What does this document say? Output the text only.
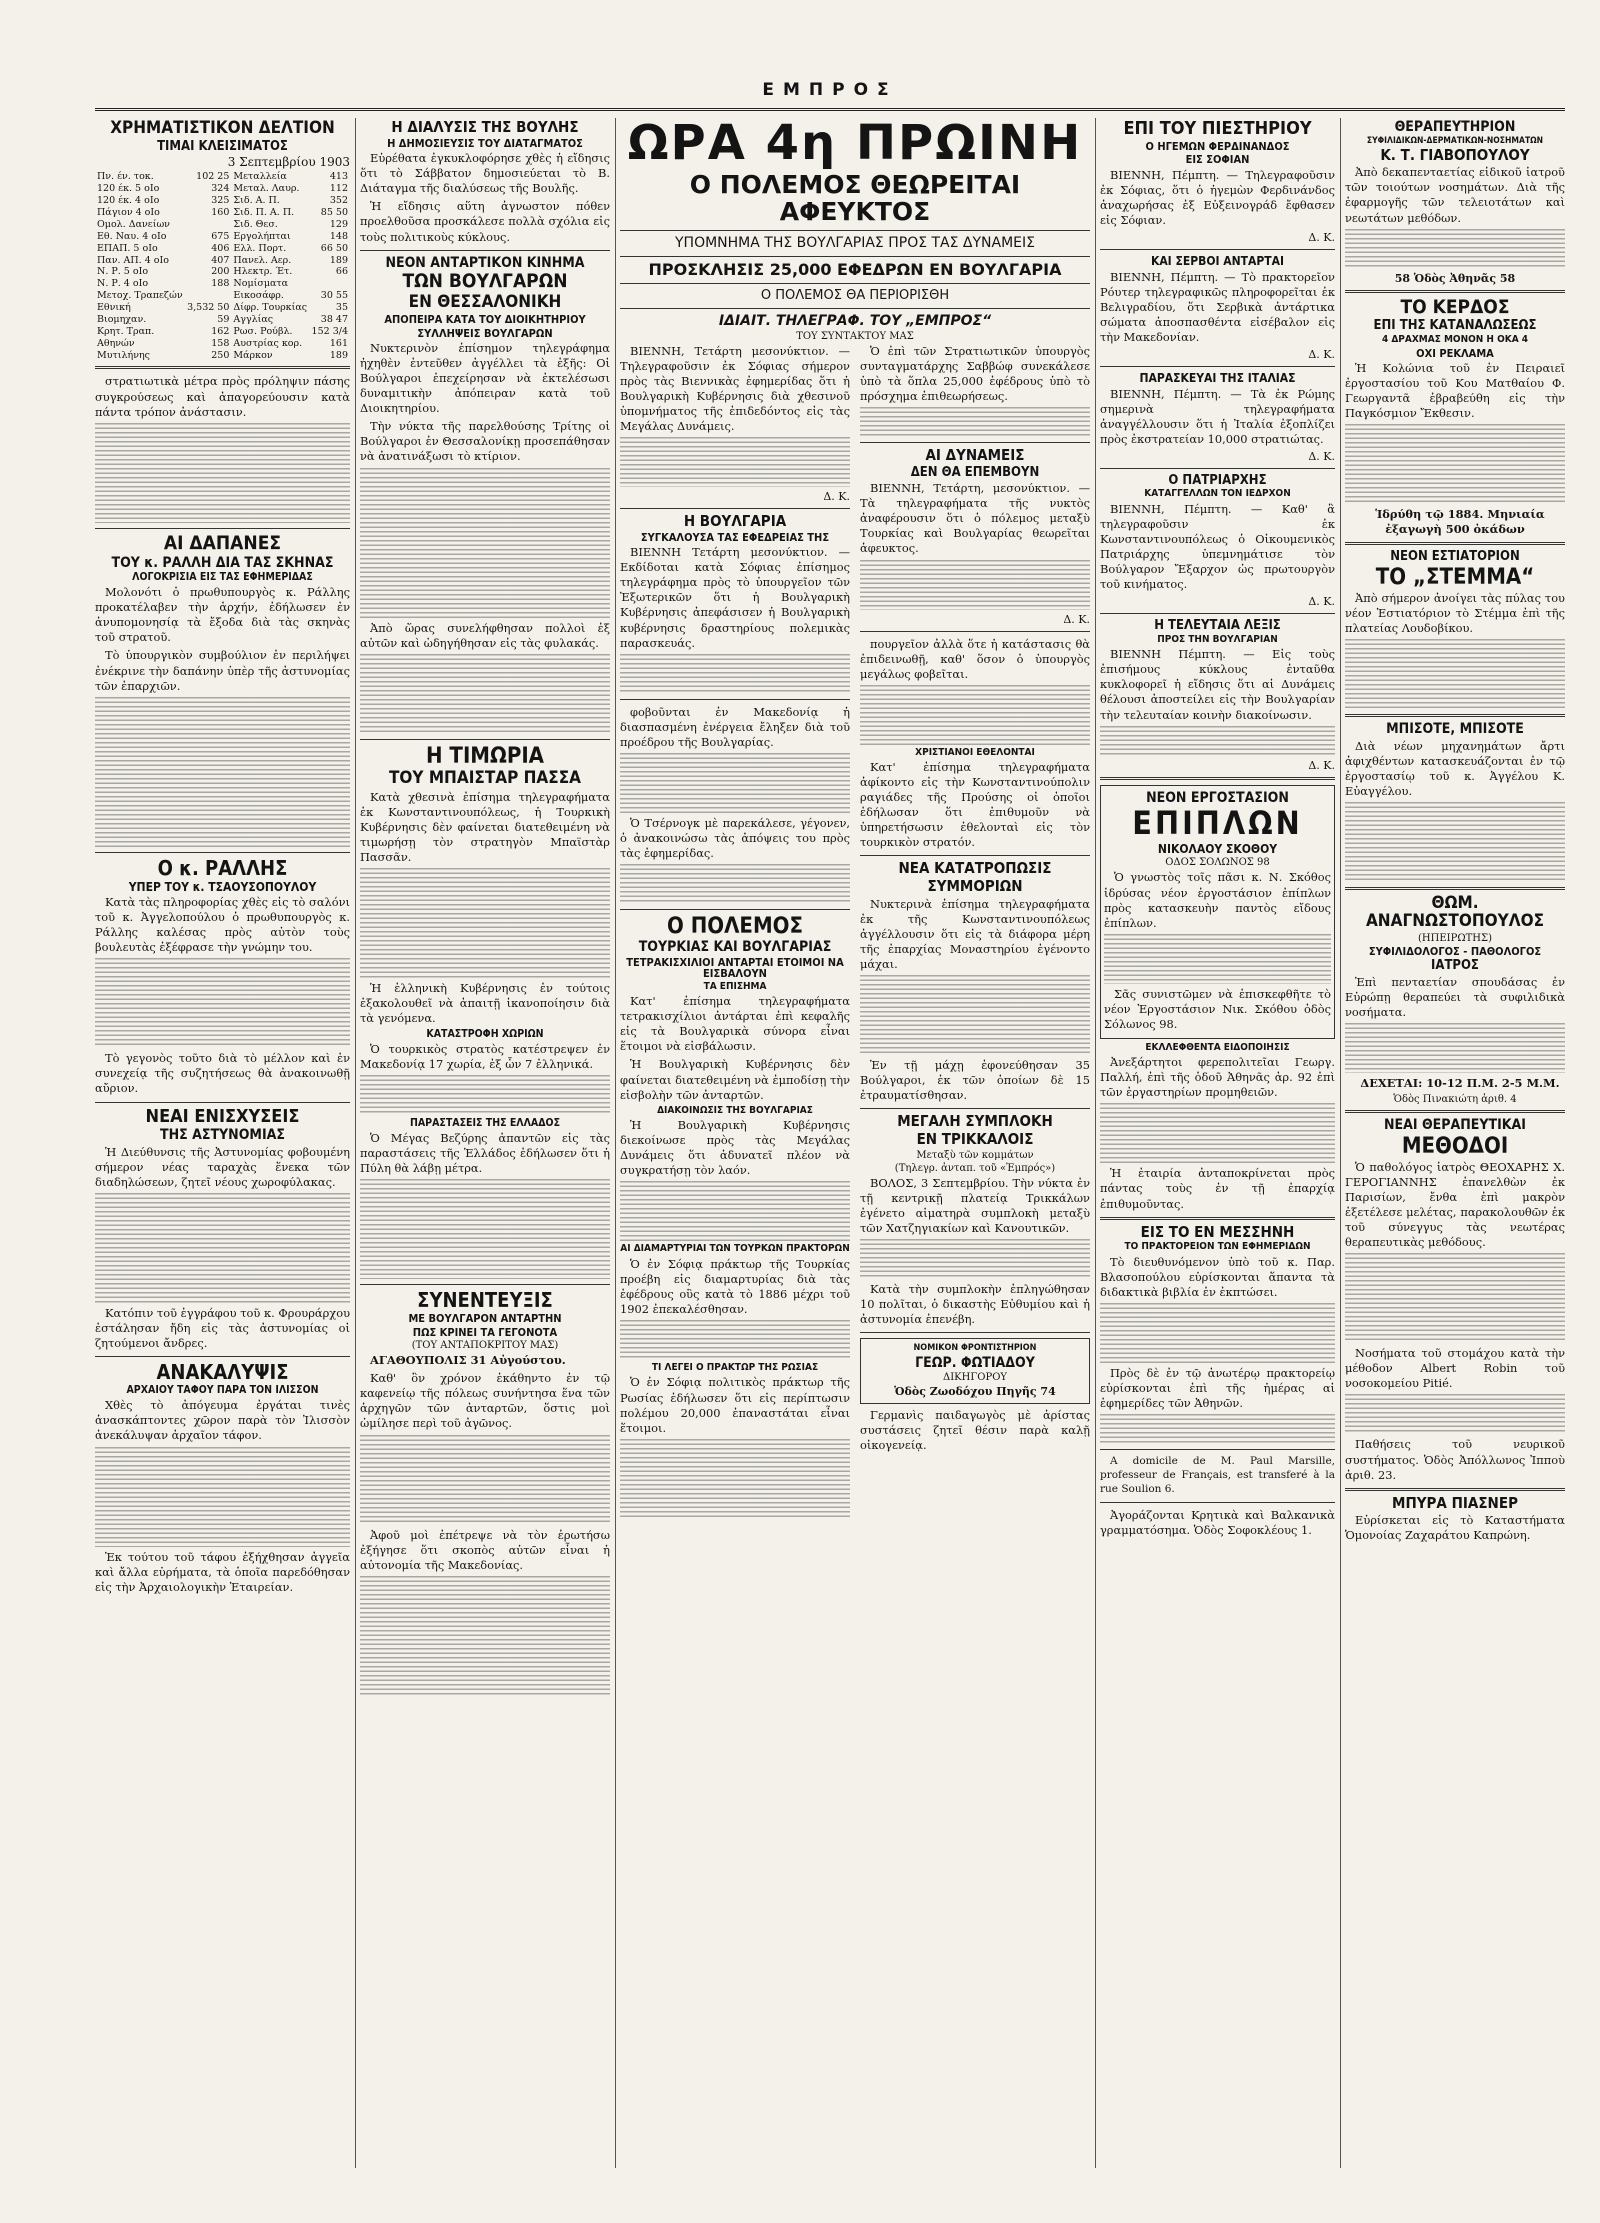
ΕΜΠΡΟΣ
ΧΡΗΜΑΤΙΣΤΙΚΟΝ ΔΕΛΤΙΟΝ
ΤΙΜΑΙ ΚΛΕΙΣΙΜΑΤΟΣ
3 Σεπτεμβρίου 1903
Πν. έν. τοκ.	102 25	Μεταλλεία	413
120 έκ. 5 οΙο	324	Μεταλ. Λαυρ.	112
120 έκ. 4 οΙο	325	Σιδ. Α. Π.	352
Πάγιον 4 οΙο	160	Σιδ. Π. Α. Π.	85 50
Ομολ. Δανείων		Σιδ. Θεσ.	129
Εθ. Ναυ. 4 οΙο	675	Εργολήπται	148
ΕΠΑΠ. 5 οΙο	406	Ελλ. Πορτ.	66 50
Παν. ΑΠ. 4 οΙο	407	Πανελ. Αερ.	189
Ν. Ρ. 5 οΙο	200	Ηλεκτρ. Έτ.	66
Ν. Ρ. 4 οΙο	188	Νομίσματα	
Μετοχ. Τραπεζών		Εικοσάφρ.	30 55
Εθνική	3,532 50	Δίφρ. Τουρκίας	35
Βιομηχαν.	59	Αγγλίας	38 47
Κρητ. Τραπ.	162	Ρωσ. Ρούβλ.	152 3/4
Αθηνών	158	Αυστρίας κορ.	161
Μυτιλήνης	250	Μάρκον	189

στρατιωτικὰ μέτρα πρὸς πρόληψιν πάσης συγκρούσεως καὶ ἀπαγορεύουσιν κατὰ πάντα τρόπον ἀνάστασιν.

ΑΙ ΔΑΠΑΝΕΣ
ΤΟΥ κ. ΡΑΛΛΗ ΔΙΑ ΤΑΣ ΣΚΗΝΑΣ
ΛΟΓΟΚΡΙΣΙΑ ΕΙΣ ΤΑΣ ΕΦΗΜΕΡΙΔΑΣ

Μολονότι ὁ πρωθυπουργὸς κ. Ράλλης προκατέλαβεν τὴν ἀρχήν, ἐδήλωσεν ἐν ἀνυπομονησίᾳ τὰ ἔξοδα διὰ τὰς σκηνὰς τοῦ στρατοῦ.

Τὸ ὑπουργικὸν συμβούλιον ἐν περιλήψει ἐνέκρινε τὴν δαπάνην ὑπὲρ τῆς ἀστυνομίας τῶν ἐπαρχιῶν.

Ο κ. ΡΑΛΛΗΣ
ΥΠΕΡ ΤΟΥ κ. ΤΣΑΟΥΣΟΠΟΥΛΟΥ

Κατὰ τὰς πληροφορίας χθὲς εἰς τὸ σαλόνι τοῦ κ. Ἀγγελοπούλου ὁ πρωθυπουργὸς κ. Ράλλης καλέσας πρὸς αὐτὸν τοὺς βουλευτὰς ἐξέφρασε τὴν γνώμην του.

Τὸ γεγονὸς τοῦτο διὰ τὸ μέλλον καὶ ἐν συνεχείᾳ τῆς συζητήσεως θὰ ἀνακοινωθῇ αὔριον.

ΝΕΑΙ ΕΝΙΣΧΥΣΕΙΣ
ΤΗΣ ΑΣΤΥΝΟΜΙΑΣ

Ἡ Διεύθυνσις τῆς Ἀστυνομίας φοβουμένη σήμερον νέας ταραχὰς ἕνεκα τῶν διαδηλώσεων, ζητεῖ νέους χωροφύλακας.

Κατόπιν τοῦ ἐγγράφου τοῦ κ. Φρουράρχου ἐστάλησαν ἤδη εἰς τὰς ἀστυνομίας οἱ ζητούμενοι ἄνδρες.

ΑΝΑΚΑΛΥΨΙΣ
ΑΡΧΑΙΟΥ ΤΑΦΟΥ ΠΑΡΑ ΤΟΝ ΙΛΙΣΣΟΝ

Χθὲς τὸ ἀπόγευμα ἐργάται τινὲς ἀνασκάπτοντες χῶρον παρὰ τὸν Ἰλισσὸν ἀνεκάλυψαν ἀρχαῖον τάφον.

Ἐκ τούτου τοῦ τάφου ἐξήχθησαν ἀγγεῖα καὶ ἄλλα εὑρήματα, τὰ ὁποῖα παρεδόθησαν εἰς τὴν Ἀρχαιολογικὴν Ἑταιρείαν.

Η ΔΙΑΛΥΣΙΣ ΤΗΣ ΒΟΥΛΗΣ
Η ΔΗΜΟΣΙΕΥΣΙΣ ΤΟΥ ΔΙΑΤΑΓΜΑΤΟΣ

Εὑρέθατα ἐγκυκλοφόρησε χθὲς ἡ εἴδησις ὅτι τὸ Σάββατον δημοσιεύεται τὸ Β. Διάταγμα τῆς διαλύσεως τῆς Βουλῆς.

Ἡ εἴδησις αὕτη ἀγνωστον πόθεν προελθοῦσα προσκάλεσε πολλὰ σχόλια εἰς τοὺς πολιτικοὺς κύκλους.

ΝΕΟΝ ΑΝΤΑΡΤΙΚΟΝ ΚΙΝΗΜΑ
ΤΩΝ ΒΟΥΛΓΑΡΩΝ
ΕΝ ΘΕΣΣΑΛΟΝΙΚΗ
ΑΠΟΠΕΙΡΑ ΚΑΤΑ ΤΟΥ ΔΙΟΙΚΗΤΗΡΙΟΥ
ΣΥΛΛΗΨΕΙΣ ΒΟΥΛΓΑΡΩΝ

Νυκτερινὸν ἐπίσημον τηλεγράφημα ἠχηθὲν ἐντεῦθεν ἀγγέλλει τὰ ἑξῆς: Οἱ Βούλγαροι ἐπεχείρησαν νὰ ἐκτελέσωσι δυναμιτικὴν ἀπόπειραν κατὰ τοῦ Διοικητηρίου.

Τὴν νύκτα τῆς παρελθούσης Τρίτης οἱ Βούλγαροι ἐν Θεσσαλονίκῃ προσεπάθησαν νὰ ἀνατινάξωσι τὸ κτίριον.

Ἀπὸ ὥρας συνελήφθησαν πολλοὶ ἐξ αὐτῶν καὶ ὡδηγήθησαν εἰς τὰς φυλακάς.

Η ΤΙΜΩΡΙΑ
ΤΟΥ ΜΠΑΙΣΤΑΡ ΠΑΣΣΑ

Κατὰ χθεσινὰ ἐπίσημα τηλεγραφήματα ἐκ Κωνσταντινουπόλεως, ἡ Τουρκικὴ Κυβέρνησις δὲν φαίνεται διατεθειμένη νὰ τιμωρήσῃ τὸν στρατηγὸν Μπαϊστὰρ Πασσᾶν.

Ἡ ἑλληνικὴ Κυβέρνησις ἐν τούτοις ἐξακολουθεῖ νὰ ἀπαιτῇ ἱκανοποίησιν διὰ τὰ γενόμενα.

ΚΑΤΑΣΤΡΟΦΗ ΧΩΡΙΩΝ

Ὁ τουρκικὸς στρατὸς κατέστρεψεν ἐν Μακεδονίᾳ 17 χωρία, ἐξ ὧν 7 ἐλληνικά.

ΠΑΡΑΣΤΑΣΕΙΣ ΤΗΣ ΕΛΛΑΔΟΣ

Ὁ Μέγας Βεζύρης ἀπαντῶν εἰς τὰς παραστάσεις τῆς Ἑλλάδος ἐδήλωσεν ὅτι ἡ Πύλη θὰ λάβῃ μέτρα.

ΣΥΝΕΝΤΕΥΞΙΣ
ΜΕ ΒΟΥΛΓΑΡΟΝ ΑΝΤΑΡΤΗΝ
ΠΩΣ ΚΡΙΝΕΙ ΤΑ ΓΕΓΟΝΟΤΑ
(ΤΟΥ ΑΝΤΑΠΟΚΡΙΤΟΥ ΜΑΣ)

ΑΓΑΘΟΥΠΟΛΙΣ 31 Αὐγούστου.

Καθ' ὃν χρόνον ἐκάθηντο ἐν τῷ καφενείῳ τῆς πόλεως συνήντησα ἕνα τῶν ἀρχηγῶν τῶν ἀνταρτῶν, ὅστις μοὶ ὡμίλησε περὶ τοῦ ἀγῶνος.

Ἀφοῦ μοὶ ἐπέτρεψε νὰ τὸν ἐρωτήσω ἐξήγησε ὅτι σκοπὸς αὐτῶν εἶναι ἡ αὐτονομία τῆς Μακεδονίας.

ΩΡΑ 4η ΠΡΩΙΝΗ
Ο ΠΟΛΕΜΟΣ ΘΕΩΡΕΙΤΑΙ ΑΦΕΥΚΤΟΣ
ΥΠΟΜΝΗΜΑ ΤΗΣ ΒΟΥΛΓΑΡΙΑΣ ΠΡΟΣ ΤΑΣ ΔΥΝΑΜΕΙΣ
ΠΡΟΣΚΛΗΣΙΣ 25,000 ΕΦΕΔΡΩΝ ΕΝ ΒΟΥΛΓΑΡΙΑ
Ο ΠΟΛΕΜΟΣ ΘΑ ΠΕΡΙΟΡΙΣΘΗ
ΙΔΙΑΙΤ. ΤΗΛΕΓΡΑΦ. ΤΟΥ „ΕΜΠΡΟΣ“
ΤΟΥ ΣΥΝΤΑΚΤΟΥ ΜΑΣ

ΒΙΕΝΝΗ, Τετάρτη μεσονύκτιον. — Τηλεγραφοῦσιν ἐκ Σόφιας σήμερον πρὸς τὰς Βιεννικὰς ἐφημερίδας ὅτι ἡ Βουλγαρικὴ Κυβέρνησις διὰ χθεσινοῦ ὑπομνήματος τῆς ἐπιδεδόντος εἰς τὰς Μεγάλας Δυνάμεις.

Δ. Κ.
Η ΒΟΥΛΓΑΡΙΑ
ΣΥΓΚΑΛΟΥΣΑ ΤΑΣ ΕΦΕΔΡΕΙΑΣ ΤΗΣ

ΒΙΕΝΝΗ Τετάρτη μεσονύκτιον. — Εκδίδοται κατὰ Σόφιας ἐπίσημος τηλεγράφημα πρὸς τὸ ὑπουργεῖον τῶν Ἐξωτερικῶν ὅτι ἡ Βουλγαρικὴ Κυβέρνησις ἀπεφάσισεν ἡ Βουλγαρικὴ κυβέρνησις δραστηρίους πολεμικὰς παρασκευάς.

φοβοῦνται ἐν Μακεδονίᾳ ἡ διασπασμένη ἐνέργεια ἔληξεν διὰ τοῦ προέδρου τῆς Βουλγαρίας.

Ὁ Τσέρνογκ μὲ παρεκάλεσε, γέγονεν, ὁ ἀνακοινώσω τὰς ἀπόψεις του πρὸς τὰς ἐφημερίδας.

Ο ΠΟΛΕΜΟΣ
ΤΟΥΡΚΙΑΣ ΚΑΙ ΒΟΥΛΓΑΡΙΑΣ
ΤΕΤΡΑΚΙΣΧΙΛΙΟΙ ΑΝΤΑΡΤΑΙ ΕΤΟΙΜΟΙ ΝΑ ΕΙΣΒΑΛΟΥΝ
ΤΑ ΕΠΙΣΗΜΑ

Κατ' ἐπίσημα τηλεγραφήματα τετρακισχίλιοι ἀντάρται ἐπὶ κεφαλῆς εἰς τὰ Βουλγαρικὰ σύνορα εἶναι ἕτοιμοι νὰ εἰσβάλωσιν.

Ἡ Βουλγαρικὴ Κυβέρνησις δὲν φαίνεται διατεθειμένη νὰ ἐμποδίσῃ τὴν εἰσβολὴν τῶν ἀνταρτῶν.

ΔΙΑΚΟΙΝΩΣΙΣ ΤΗΣ ΒΟΥΛΓΑΡΙΑΣ

Ἡ Βουλγαρικὴ Κυβέρνησις διεκοίνωσε πρὸς τὰς Μεγάλας Δυνάμεις ὅτι ἀδυνατεῖ πλέον νὰ συγκρατήσῃ τὸν λαόν.

ΑΙ ΔΙΑΜΑΡΤΥΡΙΑΙ ΤΩΝ ΤΟΥΡΚΩΝ ΠΡΑΚΤΟΡΩΝ

Ὁ ἐν Σόφιᾳ πράκτωρ τῆς Τουρκίας προέβη εἰς διαμαρτυρίας διὰ τὰς ἐφέδρους οὓς κατὰ τὸ 1886 μέχρι τοῦ 1902 ἐπεκαλέσθησαν.

ΤΙ ΛΕΓΕΙ Ο ΠΡΑΚΤΩΡ ΤΗΣ ΡΩΣΙΑΣ

Ὁ ἐν Σόφιᾳ πολιτικὸς πράκτωρ τῆς Ρωσίας ἐδήλωσεν ὅτι εἰς περίπτωσιν πολέμου 20,000 ἐπαναστάται εἶναι ἕτοιμοι.

Ὁ ἐπὶ τῶν Στρατιωτικῶν ὑπουργὸς συνταγματάρχης Σαββώφ συνεκάλεσε ὑπὸ τὰ ὅπλα 25,000 ἐφέδρους ὑπὸ τὸ πρόσχημα ἐπιθεωρήσεως.

ΑΙ ΔΥΝΑΜΕΙΣ
ΔΕΝ ΘΑ ΕΠΕΜΒΟΥΝ

ΒΙΕΝΝΗ, Τετάρτη, μεσονύκτιον. — Τὰ τηλεγραφήματα τῆς νυκτὸς ἀναφέρουσιν ὅτι ὁ πόλεμος μεταξὺ Τουρκίας καὶ Βουλγαρίας θεωρεῖται ἀφευκτος.

Δ. Κ.

πουργεῖον ἀλλὰ ὅτε ἡ κατάστασις θὰ ἐπιδεινωθῇ, καθ' ὅσον ὁ ὑπουργὸς μεγάλως φοβεῖται.

ΧΡΙΣΤΙΑΝΟΙ ΕΘΕΛΟΝΤΑΙ

Κατ' ἐπίσημα τηλεγραφήματα ἀφίκοντο εἰς τὴν Κωνσταντινούπολιν ραγιάδες τῆς Προύσης οἱ ὁποῖοι ἐδήλωσαν ὅτι ἐπιθυμοῦν νὰ ὑπηρετήσωσιν ἐθελονταὶ εἰς τὸν τουρκικὸν στρατόν.

ΝΕΑ ΚΑΤΑΤΡΟΠΩΣΙΣ
ΣΥΜΜΟΡΙΩΝ

Νυκτερινὰ ἐπίσημα τηλεγραφήματα ἐκ τῆς Κωνσταντινουπόλεως ἀγγέλλουσιν ὅτι εἰς τὰ διάφορα μέρη τῆς ἐπαρχίας Μοναστηρίου ἐγένοντο μάχαι.

Ἐν τῇ μάχῃ ἐφονεύθησαν 35 Βούλγαροι, ἐκ τῶν ὁποίων δὲ 15 ἐτραυματίσθησαν.

ΜΕΓΑΛΗ ΣΥΜΠΛΟΚΗ
ΕΝ ΤΡΙΚΚΑΛΟΙΣ
Μεταξὺ τῶν κομμάτων
(Τηλεγρ. ἀνταπ. τοῦ «Ἐμπρός»)

ΒΟΛΟΣ, 3 Σεπτεμβρίου. Τὴν νύκτα ἐν τῇ κεντρικῇ πλατείᾳ Τρικκάλων ἐγένετο αἱματηρὰ συμπλοκὴ μεταξὺ τῶν Χατζηγιακίων καὶ Κανουτικῶν.

Κατὰ τὴν συμπλοκὴν ἐπληγώθησαν 10 πολῖται, ὁ δικαστὴς Εὐθυμίου καὶ ἡ ἀστυνομία ἐπενέβη.

ΝΟΜΙΚΟΝ ΦΡΟΝΤΙΣΤΗΡΙΟΝ
ΓΕΩΡ. ΦΩΤΙΑΔΟΥ
ΔΙΚΗΓΟΡΟΥ
Ὁδὸς Ζωοδόχου Πηγῆς 74

Γερμανὶς παιδαγωγὸς μὲ ἀρίστας συστάσεις ζητεῖ θέσιν παρὰ καλῇ οἰκογενείᾳ.

ΕΠΙ ΤΟΥ ΠΙΕΣΤΗΡΙΟΥ
Ο ΗΓΕΜΩΝ ΦΕΡΔΙΝΑΝΔΟΣ
ΕΙΣ ΣΟΦΙΑΝ

ΒΙΕΝΝΗ, Πέμπτη. — Τηλεγραφοῦσιν ἐκ Σόφιας, ὅτι ὁ ἡγεμὼν Φερδινάνδος ἀναχωρήσας ἐξ Εὐξεινογράδ ἔφθασεν εἰς Σόφιαν.

Δ. Κ.
ΚΑΙ ΣΕΡΒΟΙ ΑΝΤΑΡΤΑΙ

ΒΙΕΝΝΗ, Πέμπτη. — Τὸ πρακτορεῖον Ρόυτερ τηλεγραφικῶς πληροφορεῖται ἐκ Βελιγραδίου, ὅτι Σερβικὰ ἀντάρτικα σώματα ἀποσπασθέντα εἰσέβαλον εἰς τὴν Μακεδονίαν.

Δ. Κ.
ΠΑΡΑΣΚΕΥΑΙ ΤΗΣ ΙΤΑΛΙΑΣ

ΒΙΕΝΝΗ, Πέμπτη. — Τὰ ἐκ Ρώμης σημερινὰ τηλεγραφήματα ἀναγγέλλουσιν ὅτι ἡ Ἰταλία ἐξοπλίζει πρὸς ἐκστρατείαν 10,000 στρατιώτας.

Δ. Κ.
Ο ΠΑΤΡΙΑΡΧΗΣ
ΚΑΤΑΓΓΕΛΛΩΝ ΤΟΝ ΙΕΔΡΧΟΝ

ΒΙΕΝΝΗ, Πέμπτη. — Καθ' ἃ τηλεγραφοῦσιν ἐκ Κωνσταντινουπόλεως ὁ Οἰκουμενικὸς Πατριάρχης ὑπεμνημάτισε τὸν Βούλγαρον Ἔξαρχον ὡς πρωτουργὸν τοῦ κινήματος.

Δ. Κ.
Η ΤΕΛΕΥΤΑΙΑ ΛΕΞΙΣ
ΠΡΟΣ ΤΗΝ ΒΟΥΛΓΑΡΙΑΝ

ΒΙΕΝΝΗ Πέμπτη. — Εἰς τοὺς ἐπισήμους κύκλους ἐνταῦθα κυκλοφορεῖ ἡ εἴδησις ὅτι αἱ Δυνάμεις θέλουσι ἀποστείλει εἰς τὴν Βουλγαρίαν τὴν τελευταίαν κοινὴν διακοίνωσιν.

Δ. Κ.
ΝΕΟΝ ΕΡΓΟΣΤΑΣΙΟΝ
ΕΠΙΠΛΩΝ
ΝΙΚΟΛΑΟΥ ΣΚΟΘΟΥ
ΟΔΟΣ ΣΟΛΩΝΟΣ 98

Ὁ γνωστὸς τοῖς πᾶσι κ. Ν. Σκόθος ἱδρύσας νέον ἐργοστάσιον ἐπίπλων πρὸς κατασκευὴν παντὸς εἴδους ἐπίπλων.

Σᾶς συνιστῶμεν νὰ ἐπισκεφθῆτε τὸ νέον Ἐργοστάσιον Νικ. Σκόθου ὁδὸς Σόλωνος 98.

ΕΚΛΛΕΦΘΕΝΤΑ ΕΙΔΟΠΟΙΗΣΙΣ

Ἀνεξάρτητοι φερεπολιτεῖαι Γεωργ. Παλλή, ἐπὶ τῆς ὁδοῦ Ἀθηνᾶς ἀρ. 92 ἐπὶ τῶν ἐργαστηρίων προμηθειῶν.

Ἡ ἐταιρία ἀνταποκρίνεται πρὸς πάντας τοὺς ἐν τῇ ἐπαρχίᾳ ἐπιθυμοῦντας.

ΕΙΣ ΤΟ ΕΝ ΜΕΣΣΗΝΗ
ΤΟ ΠΡΑΚΤΟΡΕΙΟΝ ΤΩΝ ΕΦΗΜΕΡΙΔΩΝ

Τὸ διευθυνόμενον ὑπὸ τοῦ κ. Παρ. Βλασοπούλου εὑρίσκονται ἅπαντα τὰ διδακτικὰ βιβλία ἐν ἐκπτώσει.

Πρὸς δὲ ἐν τῷ ἀνωτέρῳ πρακτορείῳ εὑρίσκονται ἐπὶ τῆς ἡμέρας αἱ ἐφημερίδες τῶν Ἀθηνῶν.

A domicile de M. Paul Marsille, professeur de Français, est transferé à la rue Soulion 6.

Ἀγοράζονται Κρητικὰ καὶ Βαλκανικὰ γραμματόσημα. Ὁδὸς Σοφοκλέους 1.

ΘΕΡΑΠΕΥΤΗΡΙΟΝ
ΣΥΦΙΛΙΔΙΚΩΝ-ΔΕΡΜΑΤΙΚΩΝ-ΝΟΣΗΜΑΤΩΝ
Κ. Τ. ΓΙΑΒΟΠΟΥΛΟΥ

Ἀπὸ δεκαπενταετίας εἰδικοῦ ἰατροῦ τῶν τοιούτων νοσημάτων. Διὰ τῆς ἐφαρμογῆς τῶν τελειοτάτων καὶ νεωτάτων μεθόδων.

58 Ὁδὸς Ἀθηνᾶς 58
ΤΟ ΚΕΡΔΟΣ
ΕΠΙ ΤΗΣ ΚΑΤΑΝΑΛΩΣΕΩΣ
4 ΔΡΑΧΜΑΣ ΜΟΝΟΝ Η ΟΚΑ 4
ΟΧΙ ΡΕΚΛΑΜΑ

Ἡ Κολώνια τοῦ ἐν Πειραιεῖ ἐργοστασίου τοῦ Κου Ματθαίου Φ. Γεωργαντᾶ ἐβραβεύθη εἰς τὴν Παγκόσμιον Ἔκθεσιν.

Ἱδρύθη τῷ 1884. Μηνιαία ἐξαγωγὴ 500 ὀκάδων

ΝΕΟΝ ΕΣΤΙΑΤΟΡΙΟΝ
ΤΟ „ΣΤΕΜΜΑ“

Ἀπὸ σήμερον ἀνοίγει τὰς πύλας του νέον Ἑστιατόριον τὸ Στέμμα ἐπὶ τῆς πλατείας Λουδοβίκου.

ΜΠΙΣΟΤΕ, ΜΠΙΣΟΤΕ

Διὰ νέων μηχανημάτων ἄρτι ἀφιχθέντων κατασκευάζονται ἐν τῷ ἐργοστασίῳ τοῦ κ. Ἀγγέλου Κ. Εὐαγγέλου.

ΘΩΜ. ΑΝΑΓΝΩΣΤΟΠΟΥΛΟΣ
(ΗΠΕΙΡΩΤΗΣ)
ΣΥΦΙΛΙΔΟΛΟΓΟΣ - ΠΑΘΟΛΟΓΟΣ
ΙΑΤΡΟΣ

Ἐπὶ πενταετίαν σπουδάσας ἐν Εὐρώπῃ θεραπεύει τὰ συφιλιδικὰ νοσήματα.

ΔΕΧΕΤΑΙ: 10-12 Π.Μ. 2-5 Μ.Μ.

Ὁδὸς Πινακιώτη ἀριθ. 4
ΝΕΑΙ ΘΕΡΑΠΕΥΤΙΚΑΙ
ΜΕΘΟΔΟΙ

Ὁ παθολόγος ἰατρὸς ΘΕΟΧΑΡΗΣ Χ. ΓΕΡΟΓΙΑΝΝΗΣ ἐπανελθὼν ἐκ Παρισίων, ἔνθα ἐπὶ μακρὸν ἐξετέλεσε μελέτας, παρακολουθῶν ἐκ τοῦ σύνεγγυς τὰς νεωτέρας θεραπευτικὰς μεθόδους.

Νοσήματα τοῦ στομάχου κατὰ τὴν μέθοδον Albert Robin τοῦ νοσοκομείου Pitié.

Παθήσεις τοῦ νευρικοῦ συστήματος. Ὁδὸς Ἀπόλλωνος Ἰπποὺ ἀριθ. 23.

ΜΠΥΡΑ ΠΙΑΣΝΕΡ

Εὑρίσκεται εἰς τὸ Καταστήματα Ὁμονοίας Ζαχαράτου Καπρώνη.
